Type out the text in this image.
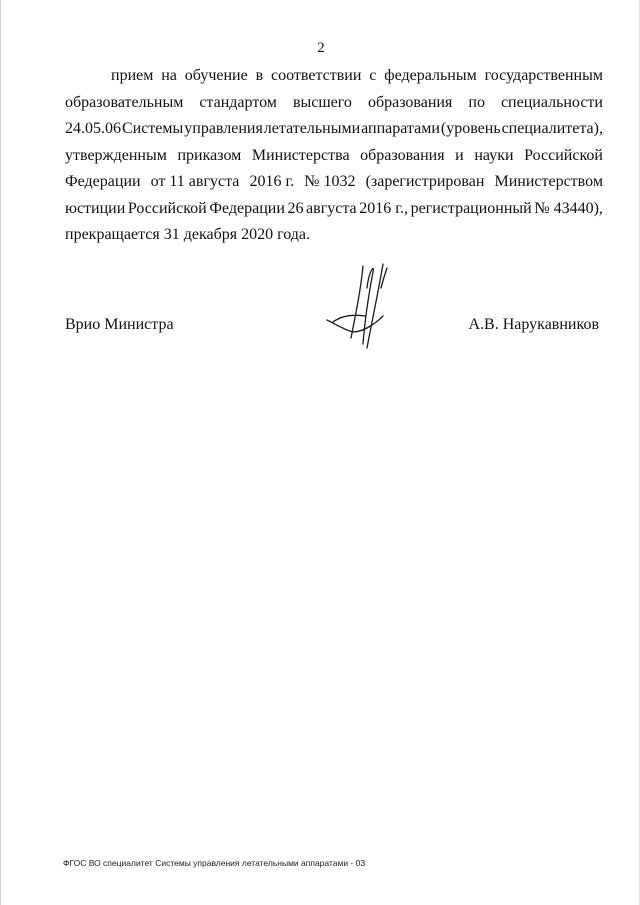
2
прием на обучение в соответствии с федеральным государственным
образовательным стандартом высшего образования по специальности
24.05.06 Системы управления летательными аппаратами (уровень специалитета),
утвержденным приказом Министерства образования и науки Российской
Федерации от 11 августа 2016 г. № 1032 (зарегистрирован Министерством
юстиции Российской Федерации 26 августа 2016 г., регистрационный № 43440),
прекращается 31 декабря 2020 года.
Врио Министра	А.В. Нарукавников
ФГОС ВО специалитет Системы управления летательными аппаратами - 03
